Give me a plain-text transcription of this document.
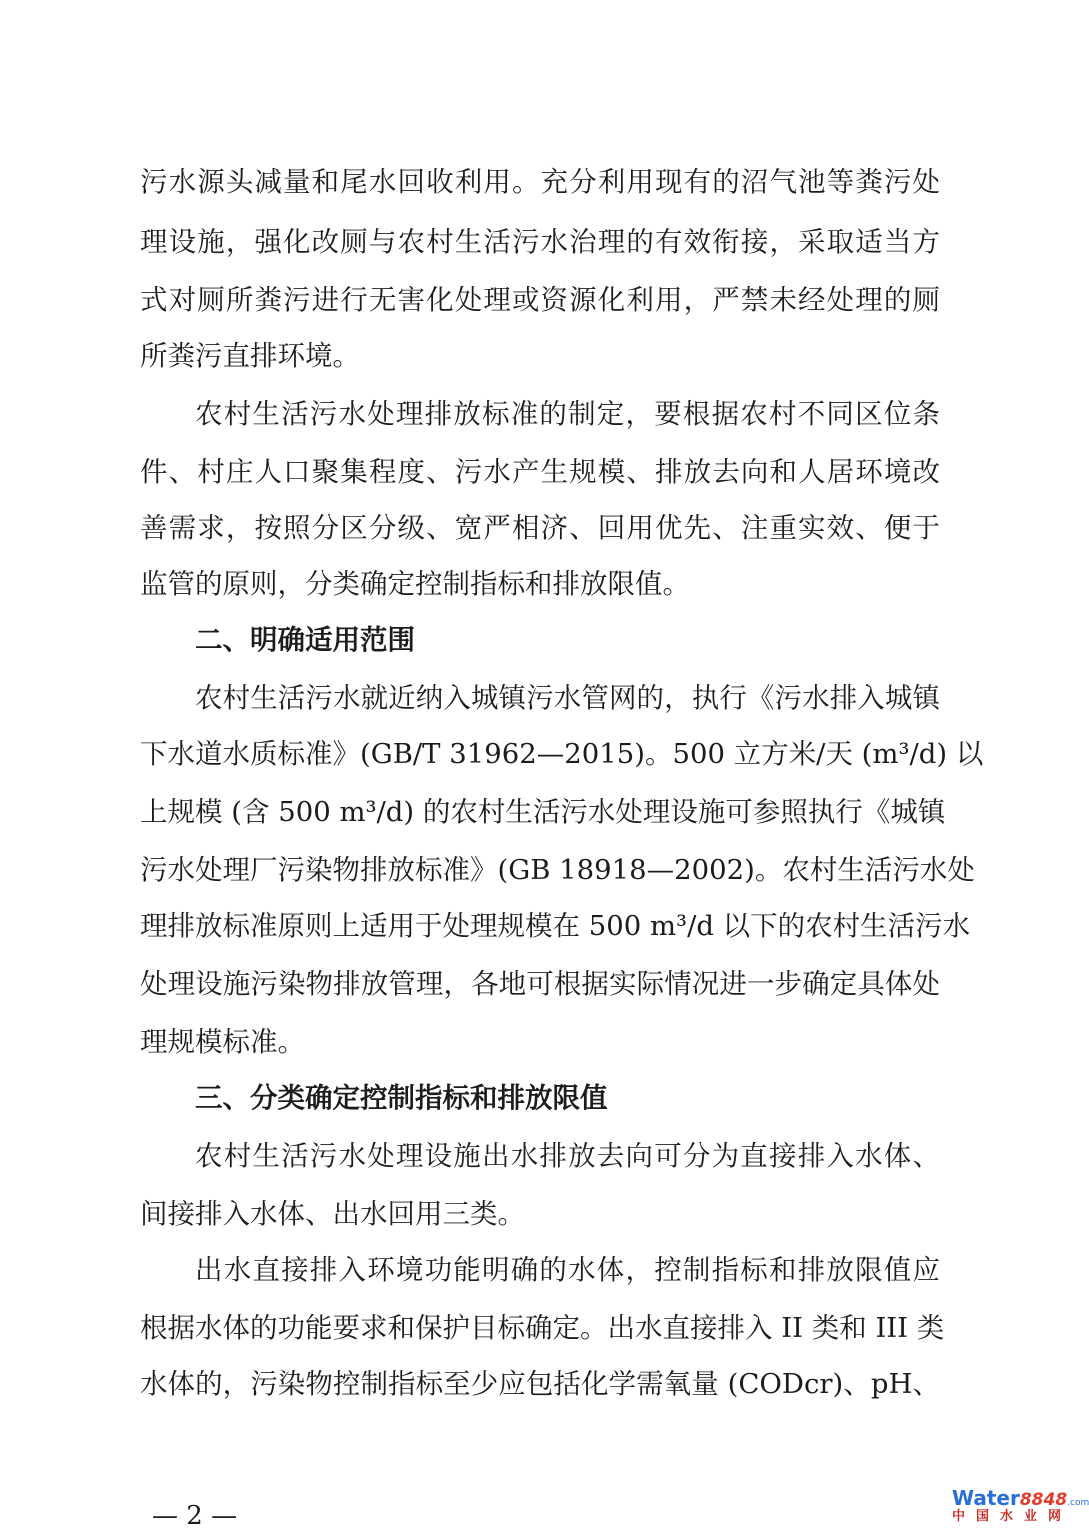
污水源头减量和尾水回收利用。充分利用现有的沼气池等粪污处
理设施，强化改厕与农村生活污水治理的有效衔接，采取适当方
式对厕所粪污进行无害化处理或资源化利用，严禁未经处理的厕
所粪污直排环境。
农村生活污水处理排放标准的制定，要根据农村不同区位条
件、村庄人口聚集程度、污水产生规模、排放去向和人居环境改
善需求，按照分区分级、宽严相济、回用优先、注重实效、便于
监管的原则，分类确定控制指标和排放限值。
二、明确适用范围
农村生活污水就近纳入城镇污水管网的，执行《污水排入城镇
下水道水质标准》(GB/T 31962—2015)。500 立方米/天 (m³/d) 以
上规模 (含 500 m³/d) 的农村生活污水处理设施可参照执行《城镇
污水处理厂污染物排放标准》(GB 18918—2002)。农村生活污水处
理排放标准原则上适用于处理规模在 500 m³/d 以下的农村生活污水
处理设施污染物排放管理，各地可根据实际情况进一步确定具体处
理规模标准。
三、分类确定控制指标和排放限值
农村生活污水处理设施出水排放去向可分为直接排入水体、
间接排入水体、出水回用三类。
出水直接排入环境功能明确的水体，控制指标和排放限值应
根据水体的功能要求和保护目标确定。出水直接排入 II 类和 III 类
水体的，污染物控制指标至少应包括化学需氧量 (CODcr)、pH、
— 2 —
Water8848.com
中国水业网
